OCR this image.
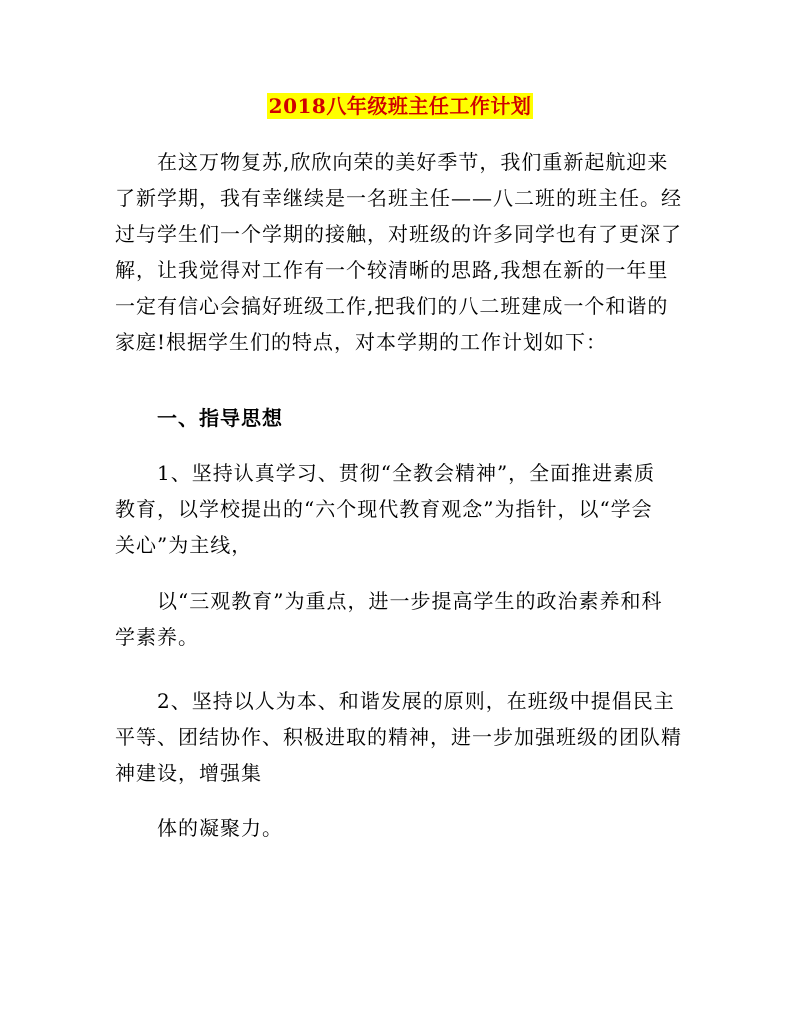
2018八年级班主任工作计划
在这万物复苏,欣欣向荣的美好季节，我们重新起航迎来
了新学期，我有幸继续是一名班主任——八二班的班主任。经
过与学生们一个学期的接触，对班级的许多同学也有了更深了
解，让我觉得对工作有一个较清晰的思路,我想在新的一年里
一定有信心会搞好班级工作,把我们的八二班建成一个和谐的
家庭!根据学生们的特点，对本学期的工作计划如下：
一、指导思想
1、坚持认真学习、贯彻“全教会精神”，全面推进素质
教育，以学校提出的“六个现代教育观念”为指针，以“学会
关心”为主线，
以“三观教育”为重点，进一步提高学生的政治素养和科
学素养。
2、坚持以人为本、和谐发展的原则，在班级中提倡民主
平等、团结协作、积极进取的精神，进一步加强班级的团队精
神建设，增强集
体的凝聚力。
